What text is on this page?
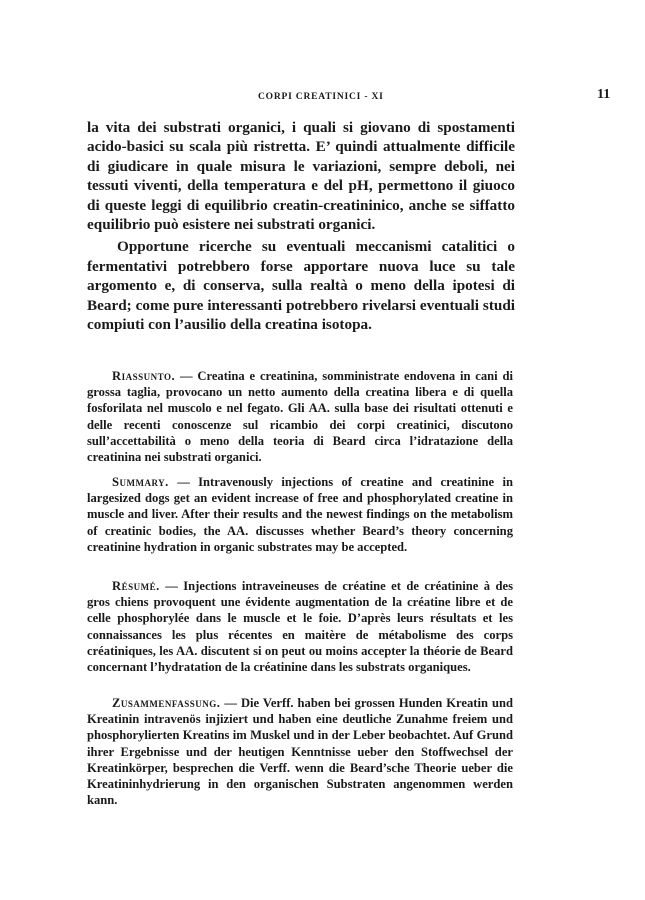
CORPI CREATINICI - XI	11

la vita dei substrati organici, i quali si giovano di spostamenti acido-basici su scala più ristretta. E’ quindi attualmente difficile di giudicare in quale misura le variazioni, sempre deboli, nei tessuti viventi, della temperatura e del pH, permettono il giuoco di queste leggi di equilibrio creatin-creatininico, anche se siffatto equilibrio può esistere nei substrati organici.

Opportune ricerche su eventuali meccanismi catalitici o fermentativi potrebbero forse apportare nuova luce su tale argomento e, di conserva, sulla realtà o meno della ipotesi di Beard; come pure interessanti potrebbero rivelarsi eventuali studi compiuti con l’ausilio della creatina isotopa.

Riassunto. — Creatina e creatinina, somministrate endovena in cani di grossa taglia, provocano un netto aumento della creatina libera e di quella fosforilata nel muscolo e nel fegato. Gli AA. sulla base dei risultati ottenuti e delle recenti conoscenze sul ricambio dei corpi creatinici, discutono sull’accettabilità o meno della teoria di Beard circa l’idratazione della creatinina nei substrati organici.

Summary. — Intravenously injections of creatine and creatinine in largesized dogs get an evident increase of free and phosphorylated creatine in muscle and liver. After their results and the newest findings on the metabolism of creatinic bodies, the AA. discusses whether Beard’s theory concerning creatinine hydration in organic substrates may be accepted.

Résumé. — Injections intraveineuses de créatine et de créatinine à des gros chiens provoquent une évidente augmentation de la créatine libre et de celle phosphorylée dans le muscle et le foie. D’après leurs résultats et les connaissances les plus récentes en maitère de métabolisme des corps créatiniques, les AA. discutent si on peut ou moins accepter la théorie de Beard concernant l’hydratation de la créatinine dans les substrats organiques.

Zusammenfassung. — Die Verff. haben bei grossen Hunden Kreatin und Kreatinin intravenös injiziert und haben eine deutliche Zunahme freiem und phosphorylierten Kreatins im Muskel und in der Leber beobachtet. Auf Grund ihrer Ergebnisse und der heutigen Kenntnisse ueber den Stoffwechsel der Kreatinkörper, besprechen die Verff. wenn die Beard’sche Theorie ueber die Kreatininhydrierung in den organischen Substraten angenommen werden kann.
